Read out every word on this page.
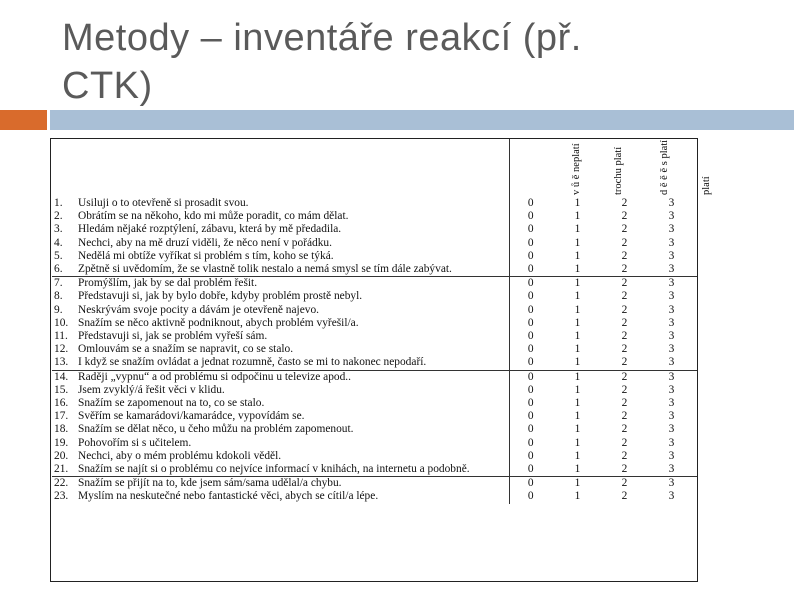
Metody – inventáře reakcí (př.
CTK)
v ů ě neplatí	trochu platí	d ě ě ě s platí	platí
1.	Usiluji o to otevřeně si prosadit svou.	0	1	2	3
2.	Obrátím se na někoho, kdo mi může poradit, co mám dělat.	0	1	2	3
3.	Hledám nějaké rozptýlení, zábavu, která by mě předadila.	0	1	2	3
4.	Nechci, aby na mě druzí viděli, že něco není v pořádku.	0	1	2	3
5.	Nedělá mi obtíže vyříkat si problém s tím, koho se týká.	0	1	2	3
6.	Zpětně si uvědomím, že se vlastně tolik nestalo a nemá smysl se tím dále zabývat.	0	1	2	3
7.	Promýšlím, jak by se dal problém řešit.	0	1	2	3
8.	Představuji si, jak by bylo dobře, kdyby problém prostě nebyl.	0	1	2	3
9.	Neskrývám svoje pocity a dávám je otevřeně najevo.	0	1	2	3
10.	Snažím se něco aktivně podniknout, abych problém vyřešil/a.	0	1	2	3
11.	Představuji si, jak se problém vyřeší sám.	0	1	2	3
12.	Omlouvám se a snažím se napravit, co se stalo.	0	1	2	3
13.	I když se snažím ovládat a jednat rozumně, často se mi to nakonec nepodaří.	0	1	2	3
14.	Raději „vypnu“ a od problému si odpočinu u televize apod..	0	1	2	3
15.	Jsem zvyklý/á řešit věci v klidu.	0	1	2	3
16.	Snažím se zapomenout na to, co se stalo.	0	1	2	3
17.	Svěřím se kamarádovi/kamarádce, vypovídám se.	0	1	2	3
18.	Snažím se dělat něco, u čeho můžu na problém zapomenout.	0	1	2	3
19.	Pohovořím si s učitelem.	0	1	2	3
20.	Nechci, aby o mém problému kdokoli věděl.	0	1	2	3
21.	Snažím se najít si o problému co nejvíce informací v knihách, na internetu a podobně.	0	1	2	3
22.	Snažím se přijít na to, kde jsem sám/sama udělal/a chybu.	0	1	2	3
23.	Myslím na neskutečné nebo fantastické věci, abych se cítil/a lépe.	0	1	2	3
